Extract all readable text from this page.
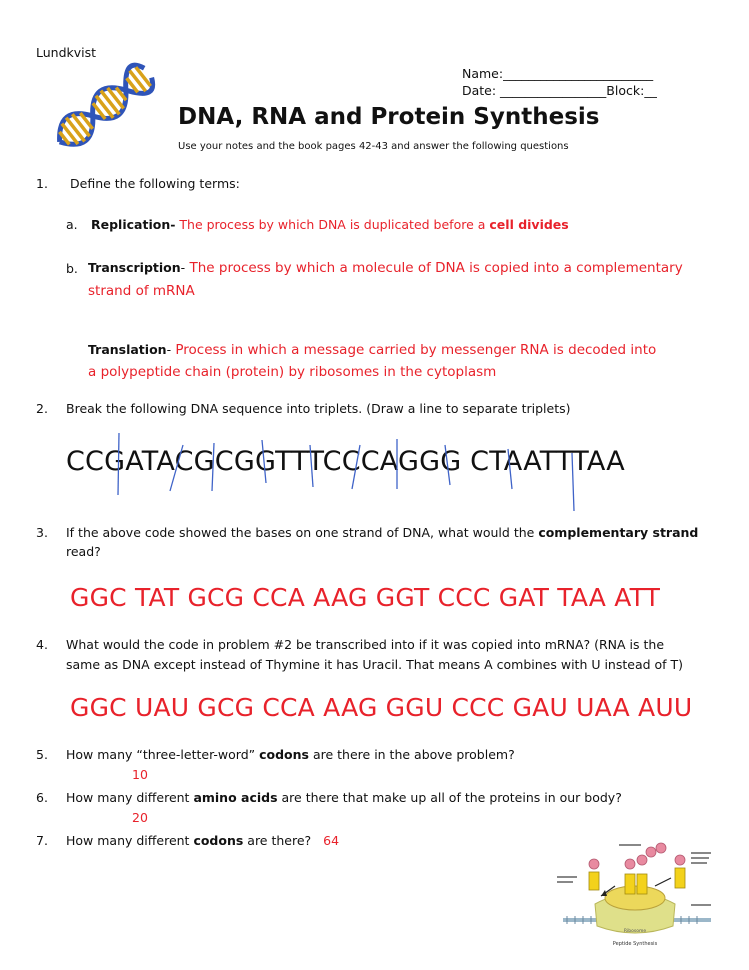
Lundkvist
Name:________________________
Date: _________________Block:__
DNA, RNA and Protein Synthesis
Use your notes and the book pages 42-43 and answer the following questions
1. Define the following terms:
a. Replication- The process by which DNA is duplicated before a cell divides
b. Transcription- The process by which a molecule of DNA is copied into a complementary
strand of mRNA
Translation- Process in which a message carried by messenger RNA is decoded into
a polypeptide chain (protein) by ribosomes in the cytoplasm
2. Break the following DNA sequence into triplets. (Draw a line to separate triplets)
CCGATACGCGGTTTCCCAGGG CTAATTTAA
3. If the above code showed the bases on one strand of DNA, what would the complementary strand
read?
GGC TAT GCG CCA AAG GGT CCC GAT TAA ATT
4. What would the code in problem #2 be transcribed into if it was copied into mRNA? (RNA is the
same as DNA except instead of Thymine it has Uracil. That means A combines with U instead of T)
GGC UAU GCG CCA AAG GGU CCC GAU UAA AUU
5. How many “three-letter-word” codons are there in the above problem?
10
6. How many different amino acids are there that make up all of the proteins in our body?
20
7. How many different codons are there? 64
Ribosome
Peptide Synthesis
